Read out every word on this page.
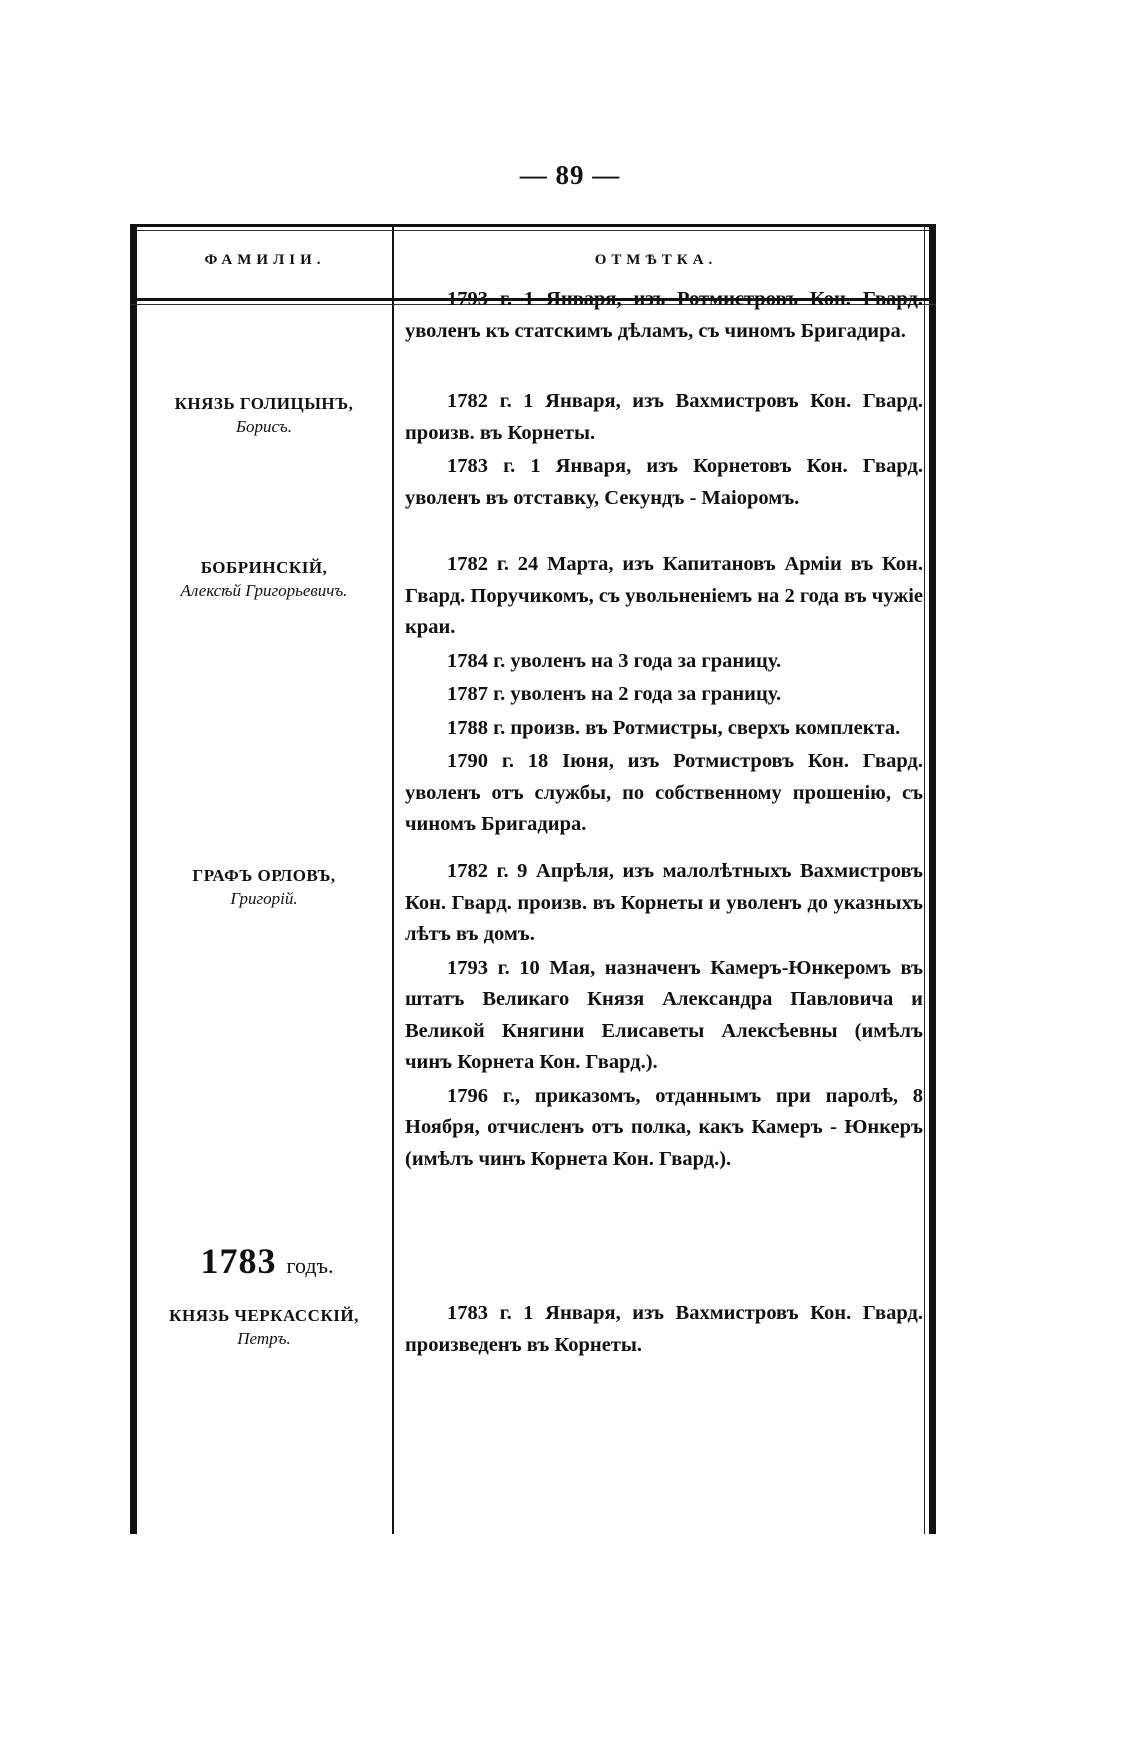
— 89 —
ФАМИЛІИ.	ОТМѢТКА.
1793 г. 1 Января, изъ Ротмистровъ Кон. Гвард. уволенъ къ статскимъ дѣламъ, съ чиномъ Бригадира.
КНЯЗЬ ГОЛИЦЫНЪ,
Борисъ.
1782 г. 1 Января, изъ Вахмистровъ Кон. Гвард. произв. въ Корнеты.
1783 г. 1 Января, изъ Корнетовъ Кон. Гвард. уволенъ въ отставку, Секундъ - Маіоромъ.
БОБРИНСКІЙ,
Алексѣй Григорьевичъ.
1782 г. 24 Марта, изъ Капитановъ Арміи въ Кон. Гвард. Поручикомъ, съ увольненіемъ на 2 года въ чужіе краи.
1784 г. уволенъ на 3 года за границу.
1787 г. уволенъ на 2 года за границу.
1788 г. произв. въ Ротмистры, сверхъ комплекта.
1790 г. 18 Іюня, изъ Ротмистровъ Кон. Гвард. уволенъ отъ службы, по собственному прошенію, съ чиномъ Бригадира.
ГРАФЪ ОРЛОВЪ,
Григорій.
1782 г. 9 Апрѣля, изъ малолѣтныхъ Вахмистровъ Кон. Гвард. произв. въ Корнеты и уволенъ до указныхъ лѣтъ въ домъ.
1793 г. 10 Мая, назначенъ Камеръ-Юнкеромъ въ штатъ Великаго Князя Александра Павловича и Великой Княгини Елисаветы Алексѣевны (имѣлъ чинъ Корнета Кон. Гвард.).
1796 г., приказомъ, отданнымъ при паролѣ, 8 Ноября, отчисленъ отъ полка, какъ Камеръ - Юнкеръ (имѣлъ чинъ Корнета Кон. Гвард.).
1783 годъ.
КНЯЗЬ ЧЕРКАССКІЙ,
Петръ.
1783 г. 1 Января, изъ Вахмистровъ Кон. Гвард. произведенъ въ Корнеты.
